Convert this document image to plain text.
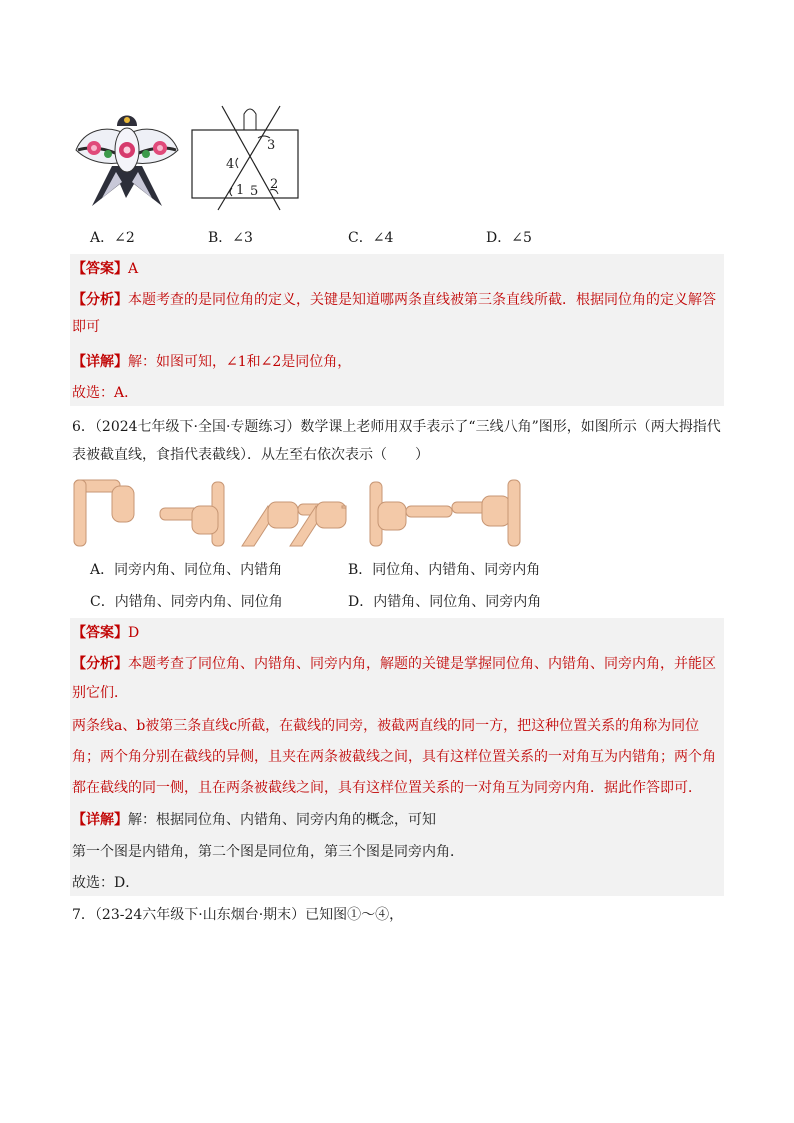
3
4
1 5 2
A．∠2	B．∠3	C．∠4	D．∠5
【答案】A
【分析】本题考查的是同位角的定义，关键是知道哪两条直线被第三条直线所截．根据同位角的定义解答
即可
【详解】解：如图可知，∠1和∠2是同位角，
故选：A．
6．（2024七年级下·全国·专题练习）数学课上老师用双手表示了“三线八角”图形，如图所示（两大拇指代
表被截直线，食指代表截线）．从左至右依次表示（　　）
A．同旁内角、同位角、内错角	B．同位角、内错角、同旁内角
C．内错角、同旁内角、同位角	D．内错角、同位角、同旁内角
【答案】D
【分析】本题考查了同位角、内错角、同旁内角，解题的关键是掌握同位角、内错角、同旁内角，并能区
别它们．
两条线a、b被第三条直线c所截，在截线的同旁，被截两直线的同一方，把这种位置关系的角称为同位
角；两个角分别在截线的异侧，且夹在两条被截线之间，具有这样位置关系的一对角互为内错角；两个角
都在截线的同一侧，且在两条被截线之间，具有这样位置关系的一对角互为同旁内角．据此作答即可．
【详解】解：根据同位角、内错角、同旁内角的概念，可知
第一个图是内错角，第二个图是同位角，第三个图是同旁内角．
故选：D．
7．（23-24六年级下·山东烟台·期末）已知图①～④，
